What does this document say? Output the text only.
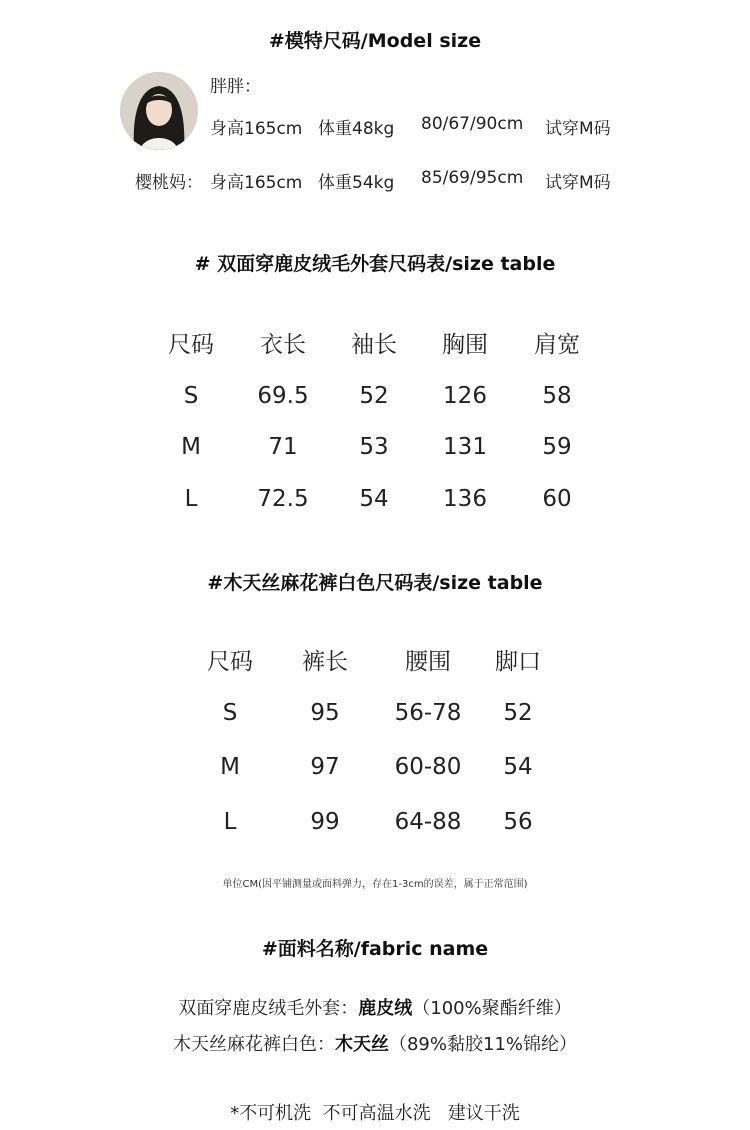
#模特尺码/Model size
胖胖：
身高165cm 体重48kg 80/67/90cm 试穿M码
樱桃妈： 身高165cm 体重54kg 85/69/95cm 试穿M码
# 双面穿鹿皮绒毛外套尺码表/size table
尺码	衣长	袖长	胸围	肩宽
S	69.5	52	126	58
M	71	53	131	59
L	72.5	54	136	60
#木天丝麻花裤白色尺码表/size table
尺码	裤长	腰围	脚口
S	95	56-78	52
M	97	60-80	54
L	99	64-88	56
单位CM(因平铺测量或面料弹力，存在1-3cm的误差，属于正常范围)
#面料名称/fabric name
双面穿鹿皮绒毛外套：鹿皮绒（100%聚酯纤维）
木天丝麻花裤白色：木天丝（89%黏胶11%锦纶）
*不可机洗  不可高温水洗   建议干洗
